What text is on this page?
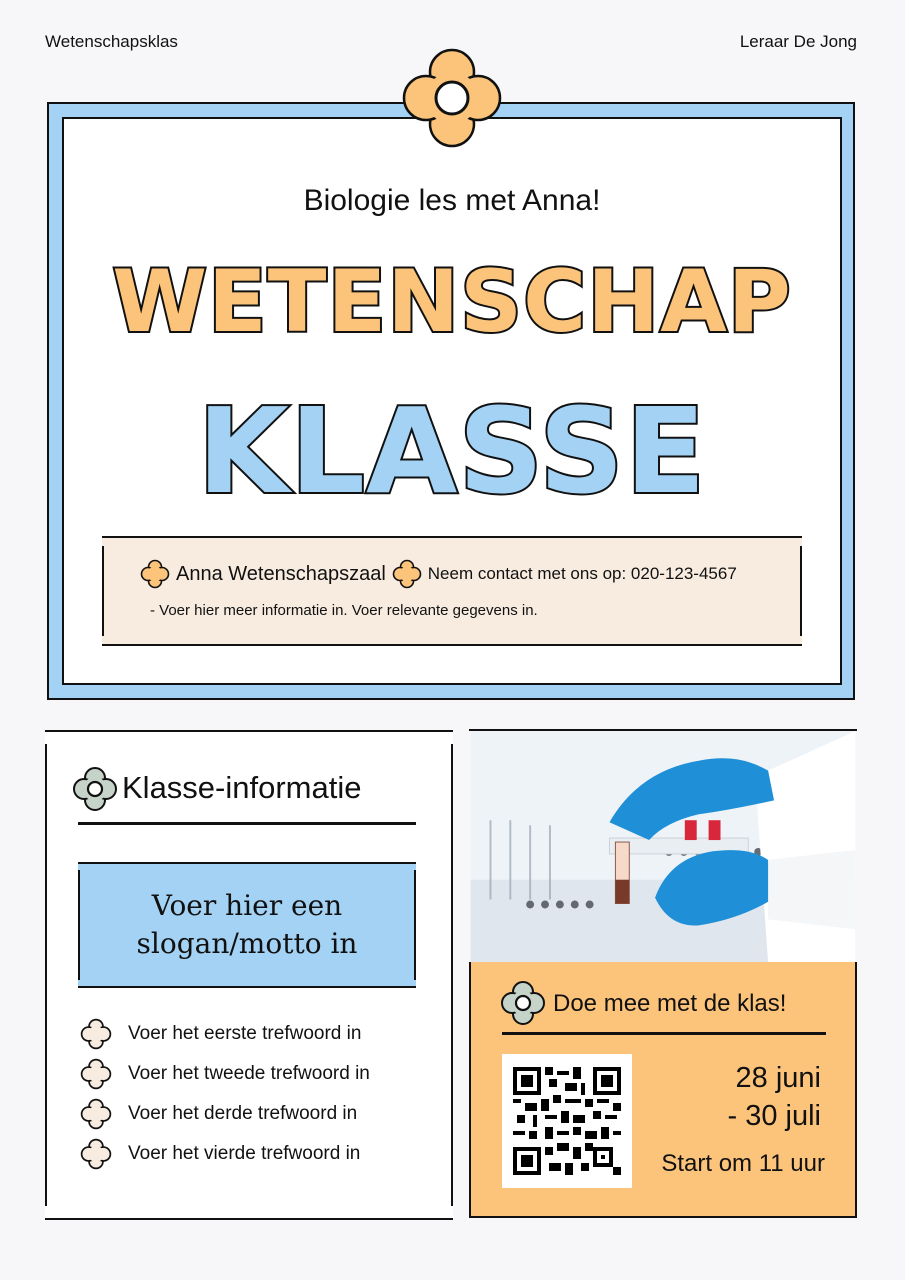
Wetenschapsklas	Leraar De Jong
Biologie les met Anna!
WETENSCHAP
KLASSE
Anna Wetenschapszaal Neem contact met ons op: 020-123-4567
- Voer hier meer informatie in. Voer relevante gegevens in.
Klasse-informatie
Voer hier een slogan/motto in
Voer het eerste trefwoord in
Voer het tweede trefwoord in
Voer het derde trefwoord in
Voer het vierde trefwoord in
Doe mee met de klas!
28 juni
- 30 juli
Start om 11 uur
